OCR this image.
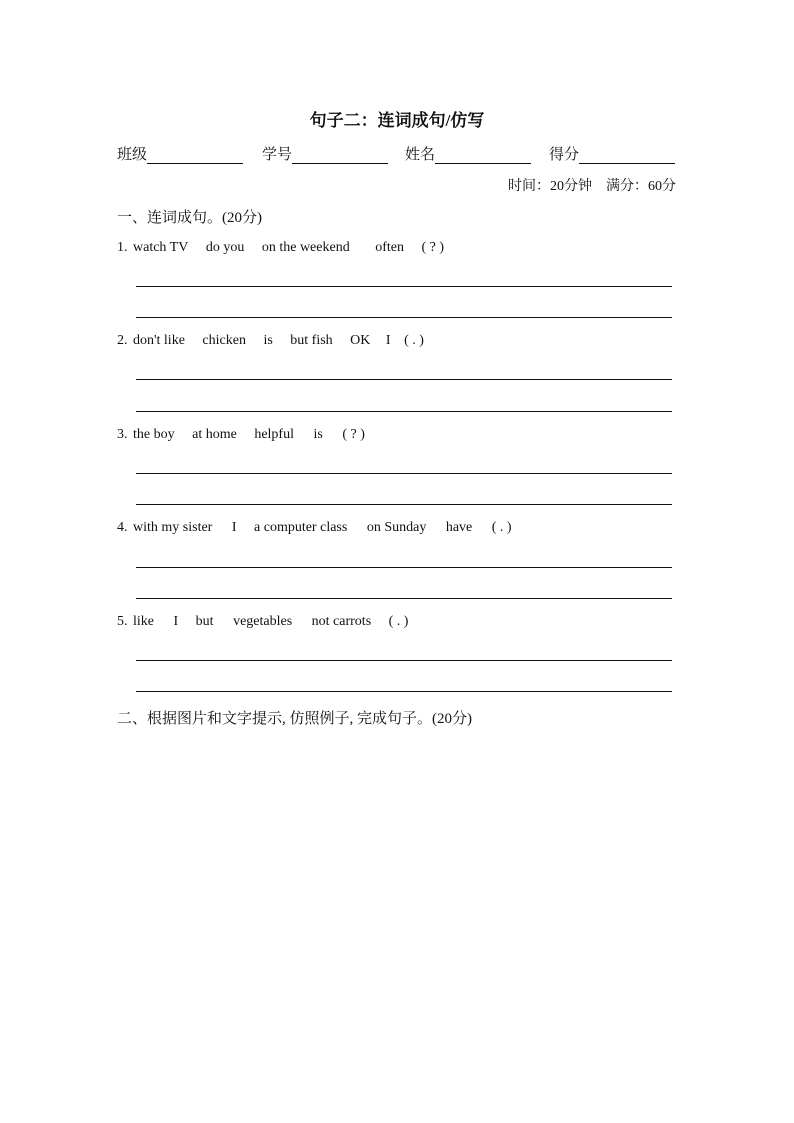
句子二：连词成句/仿写
班级	学号	姓名	得分
时间：20分钟 满分：60分
一、连词成句。(20分)
1. watch TV do you on the weekend often ( ? )
2. don't like chicken is but fish OK I ( . )
3. the boy at home helpful is ( ? )
4. with my sister I a computer class on Sunday have ( . )
5. like I but vegetables not carrots ( . )
二、根据图片和文字提示, 仿照例子, 完成句子。(20分)
